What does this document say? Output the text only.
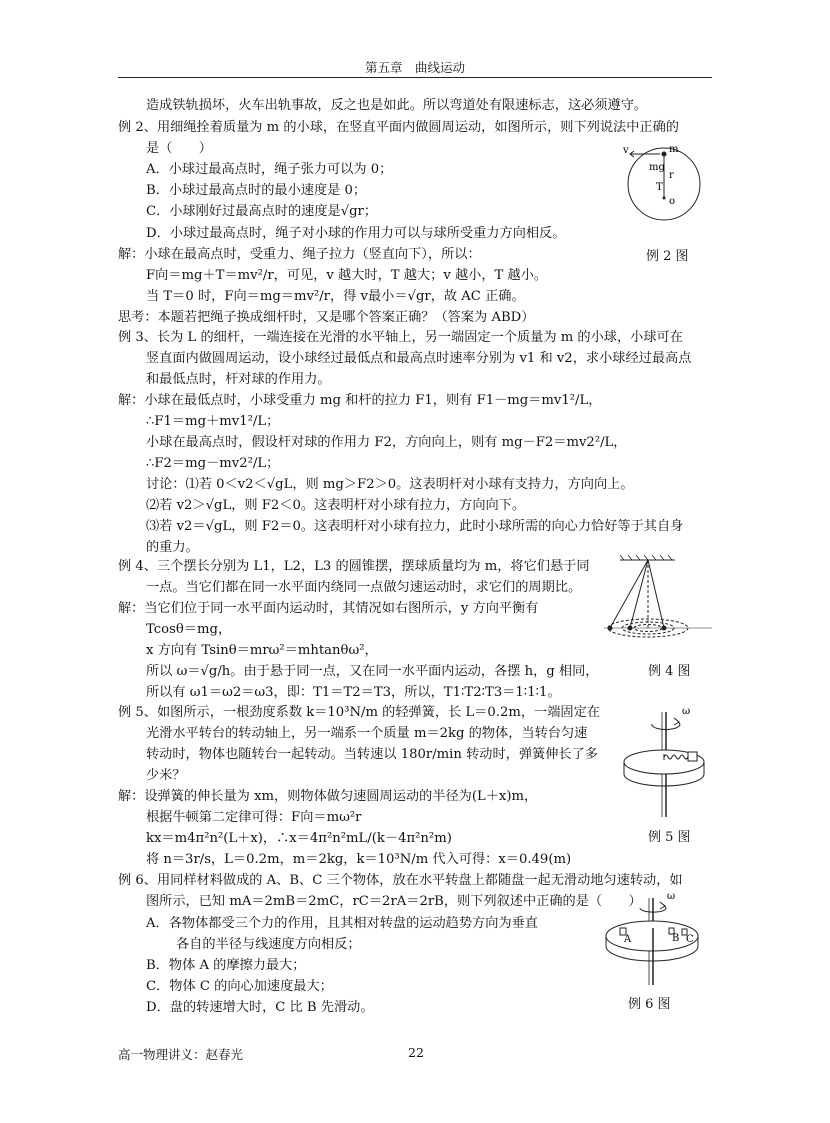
第五章　曲线运动
造成铁轨损坏，火车出轨事故，反之也是如此。所以弯道处有限速标志，这必须遵守。
例 2、用细绳拴着质量为 m 的小球，在竖直平面内做圆周运动，如图所示，则下列说法中正确的
是（　　）
A．小球过最高点时，绳子张力可以为 0；
B．小球过最高点时的最小速度是 0；
C．小球刚好过最高点时的速度是√gr；
D．小球过最高点时，绳子对小球的作用力可以与球所受重力方向相反。
解：小球在最高点时，受重力、绳子拉力（竖直向下），所以：
F向＝mg＋T＝mv²/r，可见，v 越大时，T 越大；v 越小，T 越小。
当 T＝0 时，F向＝mg＝mv²/r，得 v最小＝√gr，故 AC 正确。
思考：本题若把绳子换成细杆时，又是哪个答案正确？（答案为 ABD）
例 3、长为 L 的细杆，一端连接在光滑的水平轴上，另一端固定一个质量为 m 的小球，小球可在
竖直面内做圆周运动，设小球经过最低点和最高点时速率分别为 v1 和 v2，求小球经过最高点
和最低点时，杆对球的作用力。
解：小球在最低点时，小球受重力 mg 和杆的拉力 F1，则有 F1－mg＝mv1²/L，
∴F1＝mg＋mv1²/L；
小球在最高点时，假设杆对球的作用力 F2，方向向上，则有 mg－F2＝mv2²/L，
∴F2＝mg－mv2²/L；
讨论：⑴若 0＜v2＜√gL，则 mg＞F2＞0。这表明杆对小球有支持力，方向向上。
⑵若 v2＞√gL，则 F2＜0。这表明杆对小球有拉力，方向向下。
⑶若 v2＝√gL，则 F2＝0。这表明杆对小球有拉力，此时小球所需的向心力恰好等于其自身
的重力。
例 4、三个摆长分别为 L1，L2，L3 的圆锥摆，摆球质量均为 m，将它们悬于同
一点。当它们都在同一水平面内绕同一点做匀速运动时，求它们的周期比。
解：当它们位于同一水平面内运动时，其情况如右图所示，y 方向平衡有
Tcosθ＝mg，
x 方向有 Tsinθ＝mrω²＝mhtanθω²，
所以 ω＝√g/h。由于悬于同一点，又在同一水平面内运动，各摆 h，g 相同，
所以有 ω1＝ω2＝ω3，即：T1＝T2＝T3，所以，T1∶T2∶T3＝1∶1∶1。
例 5、如图所示，一根劲度系数 k＝10³N/m 的轻弹簧，长 L＝0.2m，一端固定在
光滑水平转台的转动轴上，另一端系一个质量 m＝2kg 的物体，当转台匀速
转动时，物体也随转台一起转动。当转速以 180r/min 转动时，弹簧伸长了多
少米？
解：设弹簧的伸长量为 xm，则物体做匀速圆周运动的半径为(L＋x)m，
根据牛顿第二定律可得：F向＝mω²r
kx＝m4π²n²(L＋x)，∴x＝4π²n²mL/(k－4π²n²m)
将 n＝3r/s，L＝0.2m，m＝2kg，k＝10³N/m 代入可得：x＝0.49(m)
例 6、用同样材料做成的 A、B、C 三个物体，放在水平转盘上都随盘一起无滑动地匀速转动，如
图所示，已知 mA＝2mB＝2mC，rC＝2rA＝2rB，则下列叙述中正确的是（　　）
A．各物体都受三个力的作用，且其相对转盘的运动趋势方向为垂直
各自的半径与线速度方向相反；
B．物体 A 的摩擦力最大；
C．物体 C 的向心加速度最大；
D．盘的转速增大时，C 比 B 先滑动。
例 2 图
例 4 图
例 5 图
例 6 图
v	m
mg
T
r
o
ω
ω
A	B C
高一物理讲义：赵春光	22
